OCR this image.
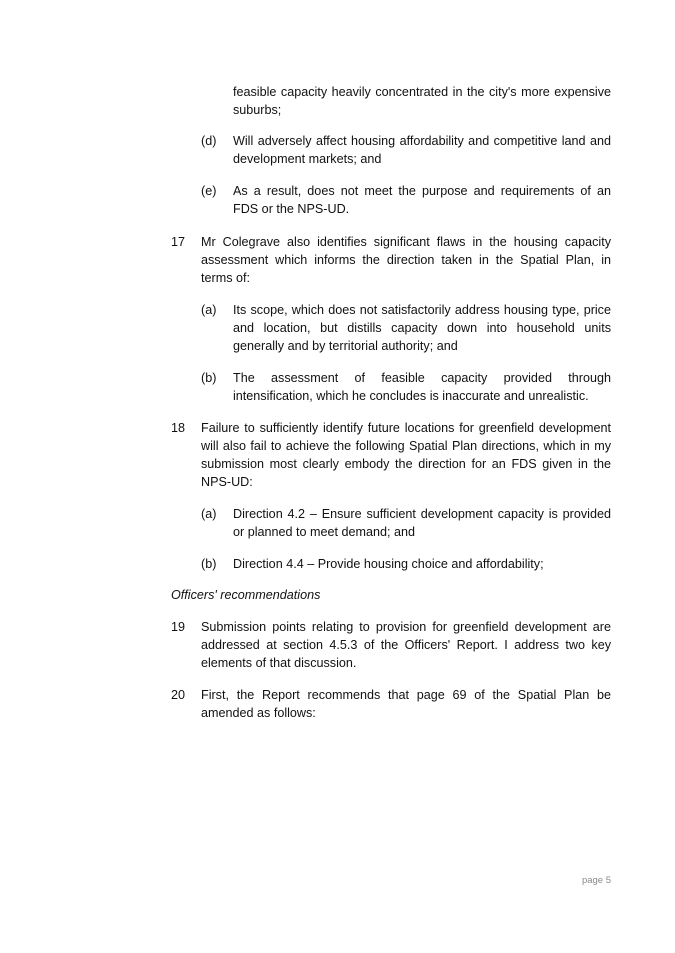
feasible capacity heavily concentrated in the city's more expensive suburbs;

(d) Will adversely affect housing affordability and competitive land and development markets; and

(e) As a result, does not meet the purpose and requirements of an FDS or the NPS-UD.

17 Mr Colegrave also identifies significant flaws in the housing capacity assessment which informs the direction taken in the Spatial Plan, in terms of:

(a) Its scope, which does not satisfactorily address housing type, price and location, but distills capacity down into household units generally and by territorial authority; and

(b) The assessment of feasible capacity provided through intensification, which he concludes is inaccurate and unrealistic.

18 Failure to sufficiently identify future locations for greenfield development will also fail to achieve the following Spatial Plan directions, which in my submission most clearly embody the direction for an FDS given in the NPS-UD:

(a) Direction 4.2 – Ensure sufficient development capacity is provided or planned to meet demand; and

(b) Direction 4.4 – Provide housing choice and affordability;

Officers' recommendations
19 Submission points relating to provision for greenfield development are addressed at section 4.5.3 of the Officers' Report. I address two key elements of that discussion.

20 First, the Report recommends that page 69 of the Spatial Plan be amended as follows:

page 5
